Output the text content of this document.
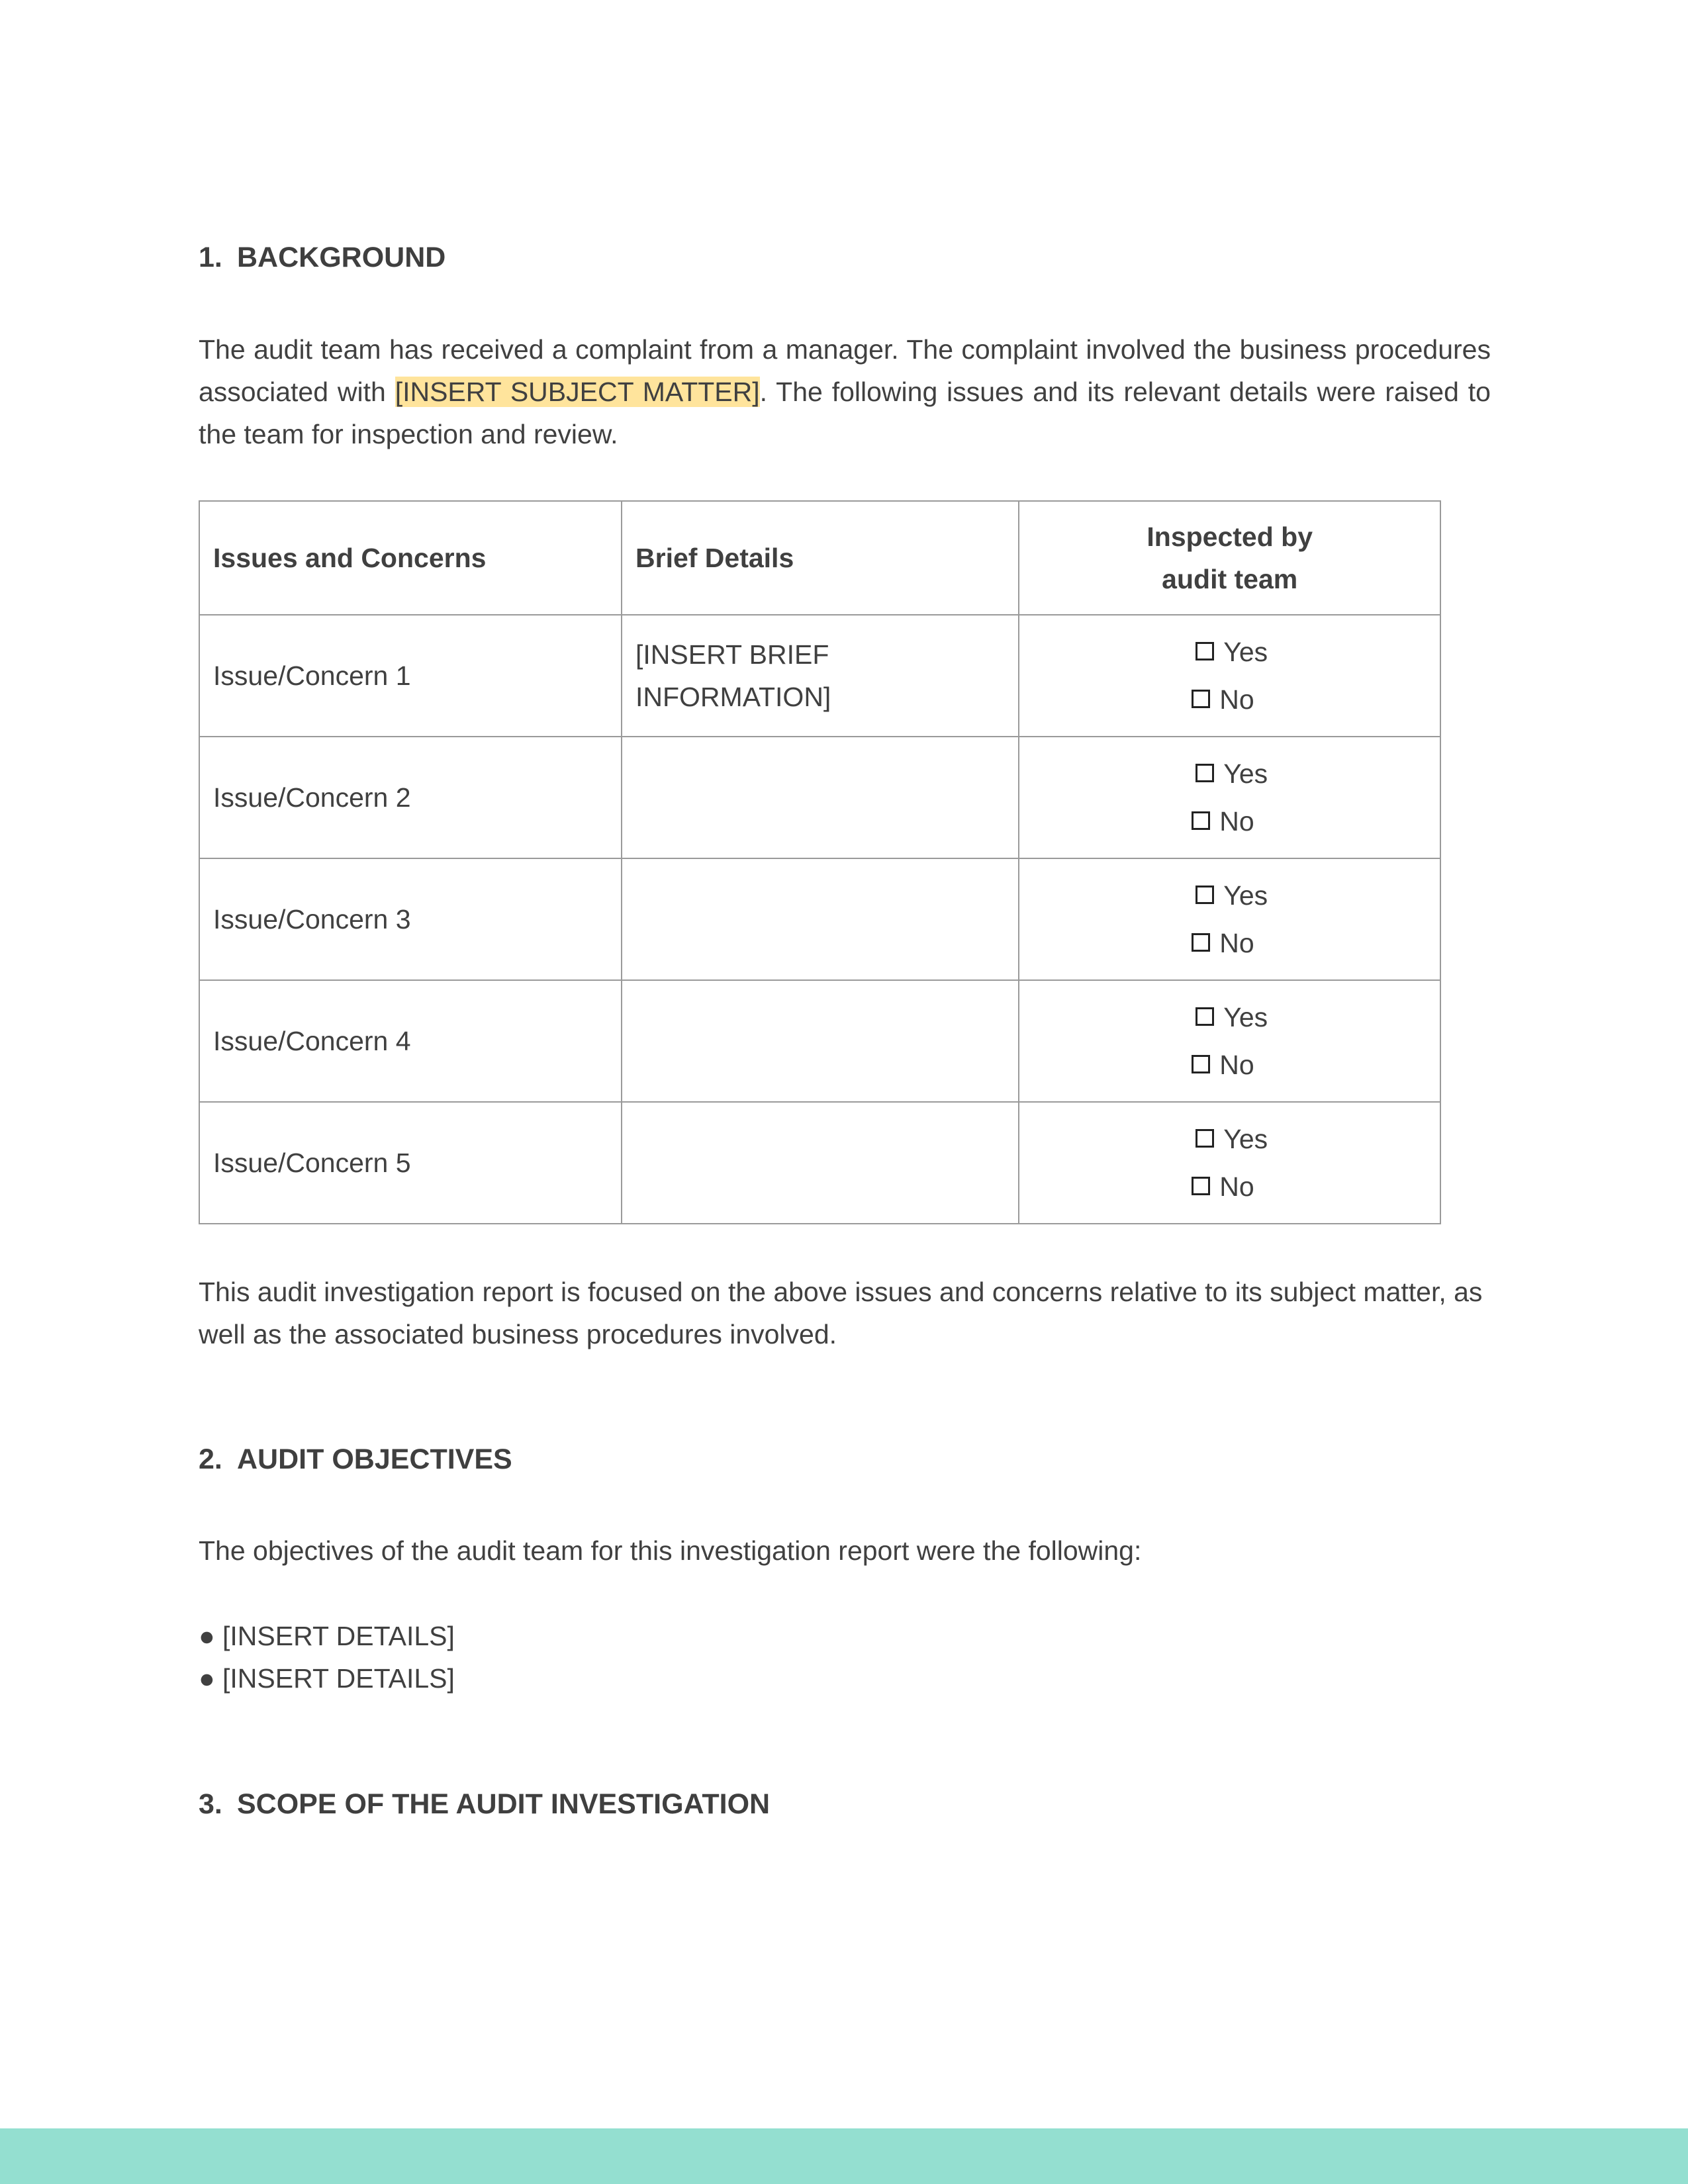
1. BACKGROUND

The audit team has received a complaint from a manager. The complaint involved the business procedures associated with [INSERT SUBJECT MATTER]. The following issues and its relevant details were raised to the team for inspection and review.

Issues and Concerns	Brief Details	Inspected by
audit team
Issue/Concern 1	[INSERT BRIEF
INFORMATION]	Yes
No

Issue/Concern 2		Yes
No

Issue/Concern 3		Yes
No

Issue/Concern 4		Yes
No

Issue/Concern 5		Yes
No

This audit investigation report is focused on the above issues and concerns relative to its subject matter, as well as the associated business procedures involved.

2. AUDIT OBJECTIVES

The objectives of the audit team for this investigation report were the following:

● [INSERT DETAILS]
● [INSERT DETAILS]
3. SCOPE OF THE AUDIT INVESTIGATION
